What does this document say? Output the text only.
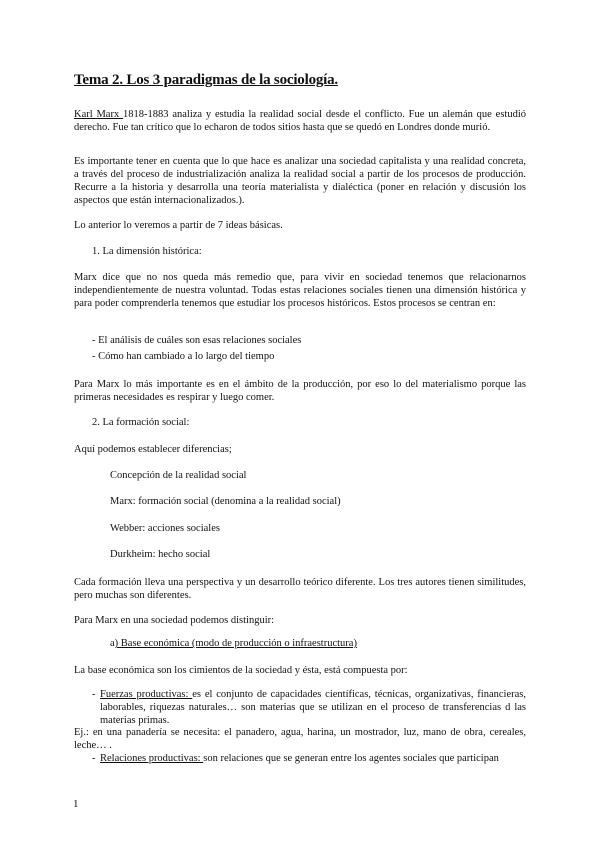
Tema 2. Los 3 paradigmas de la sociología.
Karl Marx 1818-1883 analiza y estudia la realidad social desde el conflicto. Fue un alemán que estudió derecho. Fue tan crítico que lo echaron de todos sitios hasta que se quedó en Londres donde murió.
Es importante tener en cuenta que lo que hace es analizar una sociedad capitalista y una realidad concreta, a través del proceso de industrialización analiza la realidad social a partir de los procesos de producción. Recurre a la historia y desarrolla una teoría materialista y dialéctica (poner en relación y discusión los aspectos que están internacionalizados.).
Lo anterior lo veremos a partir de 7 ideas básicas.
1. La dimensión histórica:
Marx dice que no nos queda más remedio que, para vivir en sociedad tenemos que relacionarnos independientemente de nuestra voluntad. Todas estas relaciones sociales tienen una dimensión histórica y para poder comprenderla tenemos que estudiar los procesos históricos. Estos procesos se centran en:
- El análisis de cuáles son esas relaciones sociales
- Cómo han cambiado a lo largo del tiempo
Para Marx lo más importante es en el ámbito de la producción, por eso lo del materialismo porque las primeras necesidades es respirar y luego comer.
2. La formación social:
Aquí podemos establecer diferencias;
Concepción de la realidad social
Marx: formación social (denomina a la realidad social)
Webber: acciones sociales
Durkheim: hecho social
Cada formación lleva una perspectiva y un desarrollo teórico diferente. Los tres autores tienen similitudes, pero muchas son diferentes.
Para Marx en una sociedad podemos distinguir:
a) Base económica (modo de producción o infraestructura)
La base económica son los cimientos de la sociedad y ésta, está compuesta por:
- Fuerzas productivas: es el conjunto de capacidades científicas, técnicas, organizativas, financieras, laborables, riquezas naturales… son materias que se utilizan en el proceso de transferencias d las materias primas.
Ej.: en una panadería se necesita: el panadero, agua, harina, un mostrador, luz, mano de obra, cereales, leche… .
- Relaciones productivas: son relaciones que se generan entre los agentes sociales que participan
1
